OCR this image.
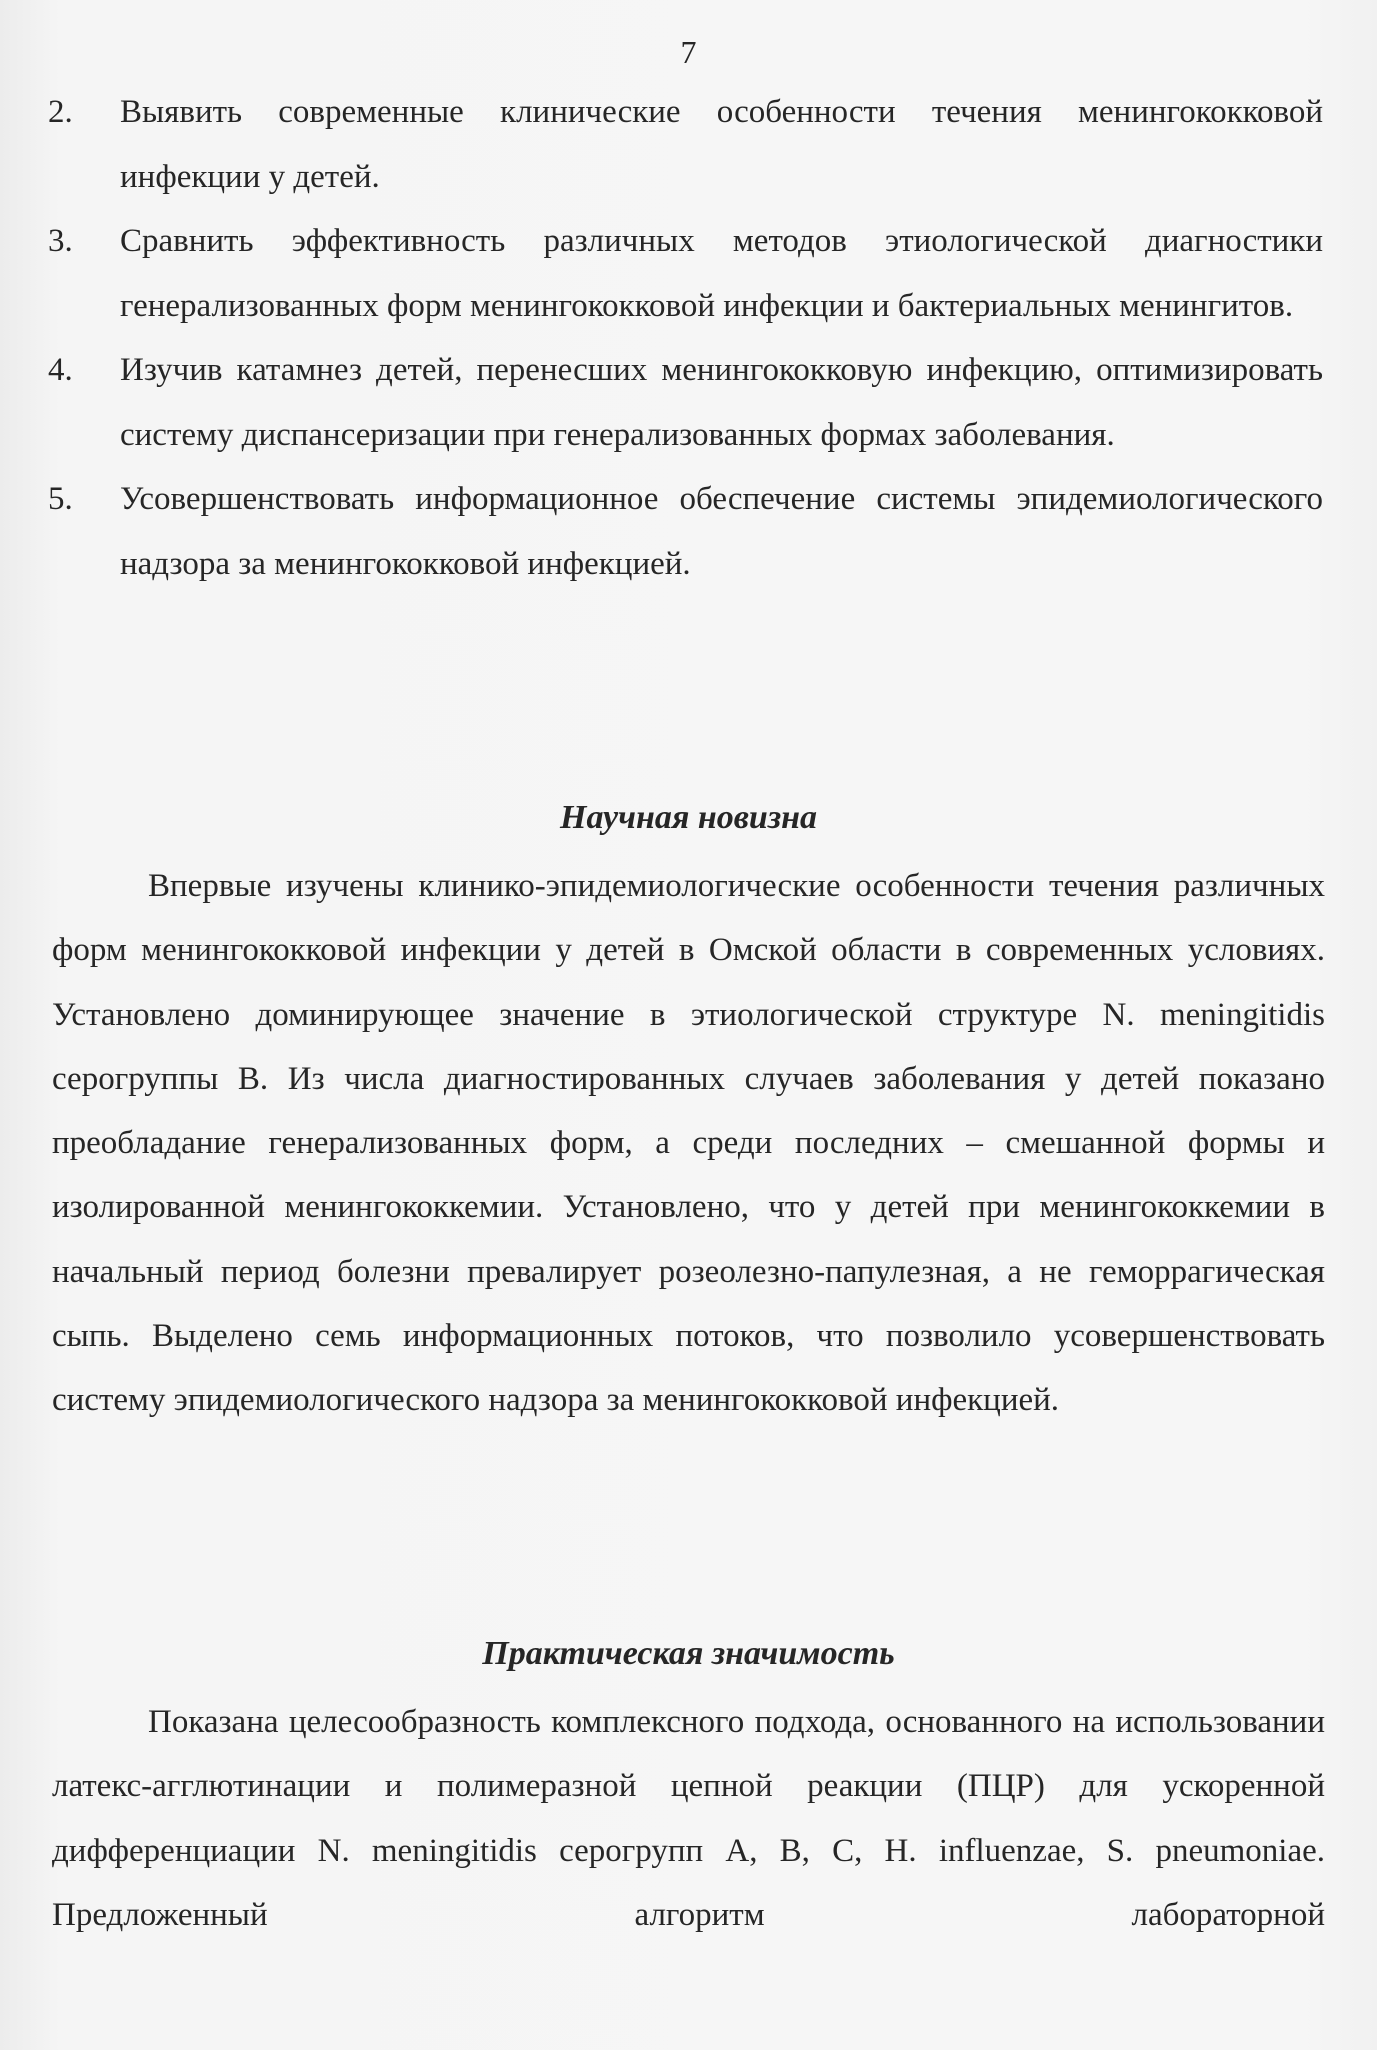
7
2. Выявить современные клинические особенности течения менингококковой инфекции у детей.
3. Сравнить эффективность различных методов этиологической диагностики генерализованных форм менингококковой инфекции и бактериальных менингитов.
4. Изучив катамнез детей, перенесших менингококковую инфекцию, оптимизировать систему диспансеризации при генерализованных формах заболевания.
5. Усовершенствовать информационное обеспечение системы эпидемиологического надзора за менингококковой инфекцией.
Научная новизна

Впервые изучены клинико-эпидемиологические особенности течения различных форм менингококковой инфекции у детей в Омской области в современных условиях. Установлено доминирующее значение в этиологической структуре N. meningitidis серогруппы B. Из числа диагностированных случаев заболевания у детей показано преобладание генерализованных форм, а среди последних – смешанной формы и изолированной менингококкемии. Установлено, что у детей при менингококкемии в начальный период болезни превалирует розеолезно-папулезная, а не геморрагическая сыпь. Выделено семь информационных потоков, что позволило усовершенствовать систему эпидемиологического надзора за менингококковой инфекцией.

Практическая значимость

Показана целесообразность комплексного подхода, основанного на использовании латекс-агглютинации и полимеразной цепной реакции (ПЦР) для ускоренной дифференциации N. meningitidis серогрупп A, B, C, H. influenzae, S. pneumoniae. Предложенный алгоритм лабораторной
